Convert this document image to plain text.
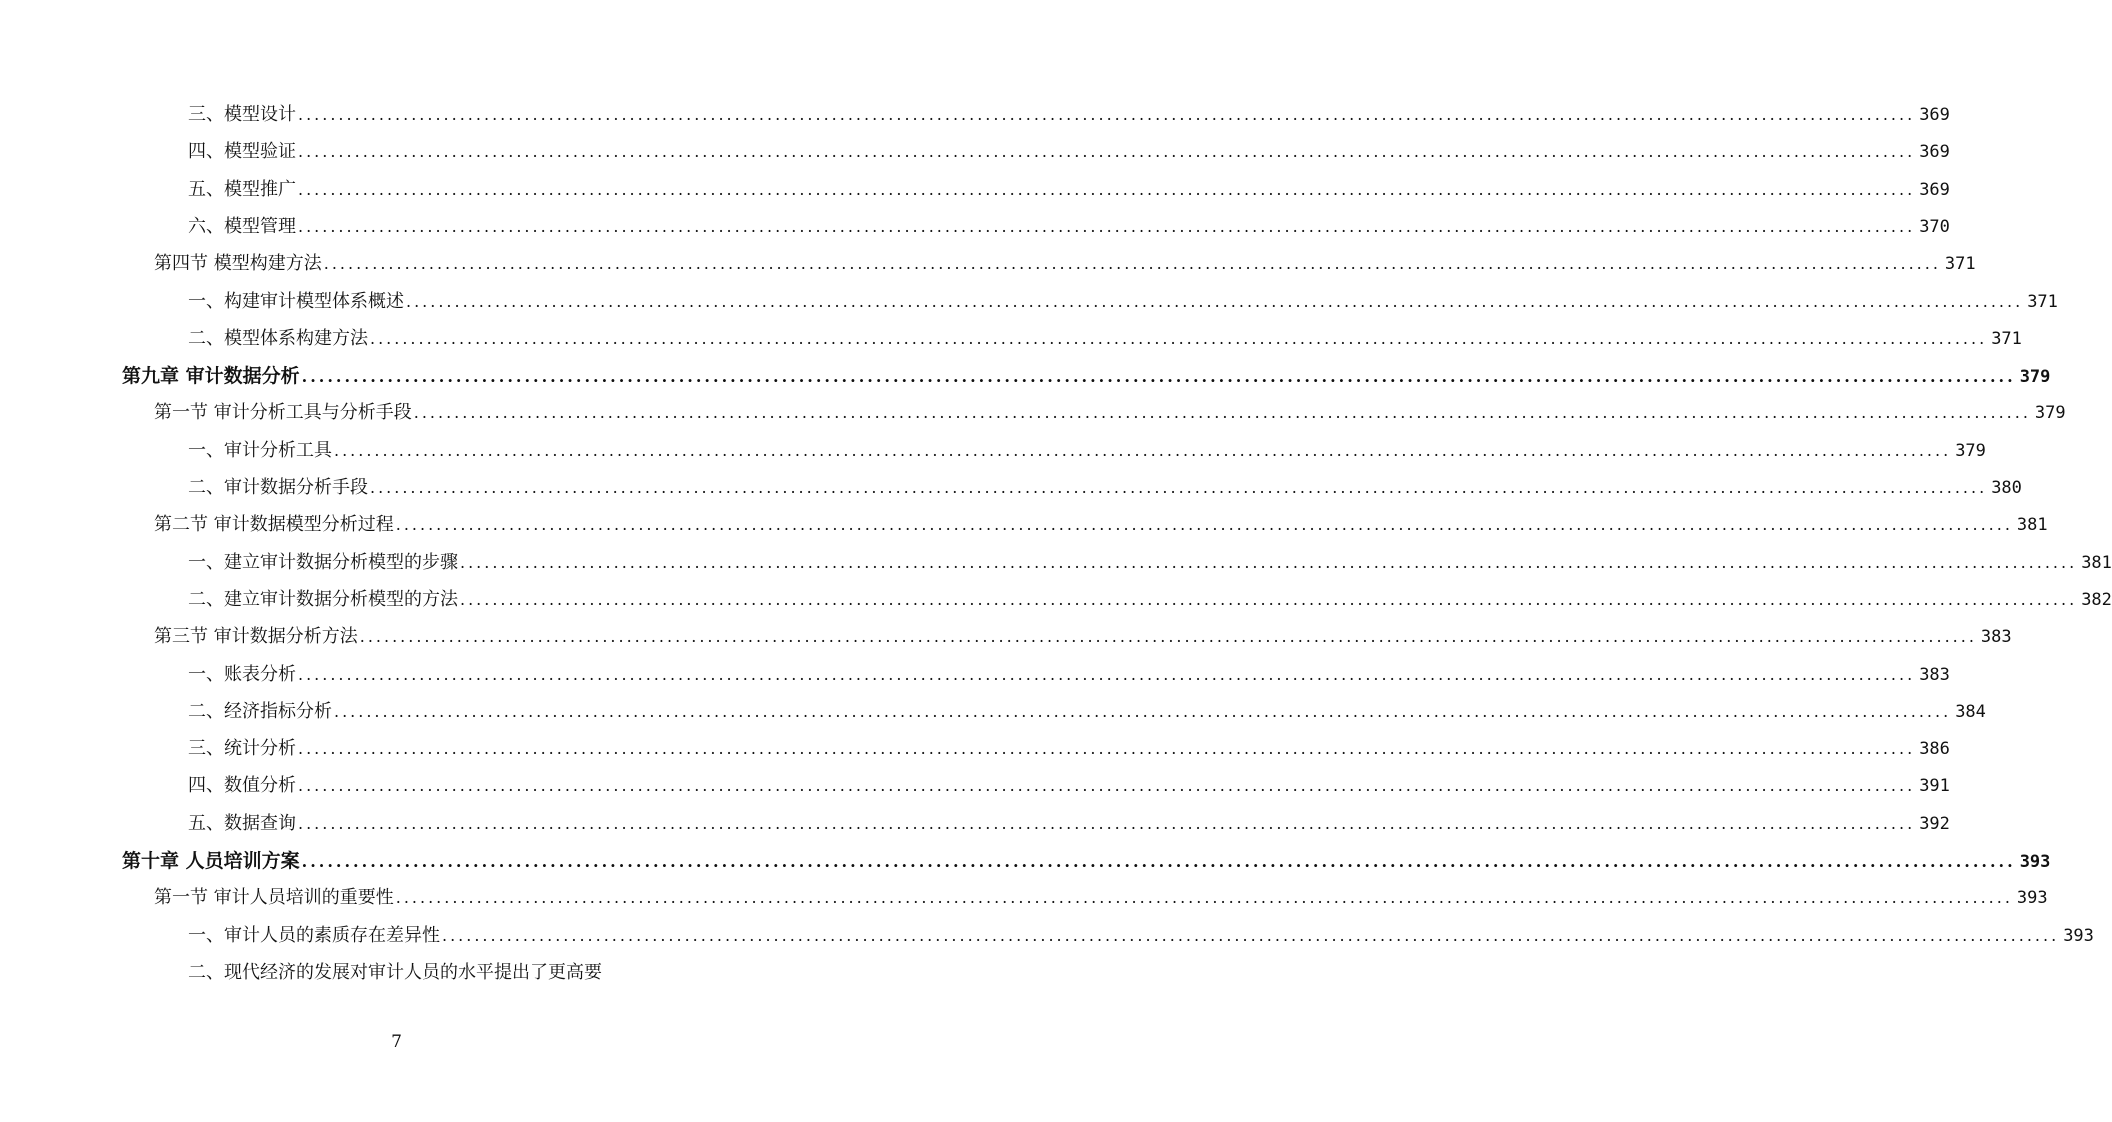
三、模型设计 ........................................................................................................................................................................................................ 369
四、模型验证 ........................................................................................................................................................................................................ 369
五、模型推广 ........................................................................................................................................................................................................ 369
六、模型管理 ........................................................................................................................................................................................................ 370
第四节 模型构建方法 ........................................................................................................................................................................................................ 371
一、构建审计模型体系概述 ........................................................................................................................................................................................................ 371
二、模型体系构建方法 ........................................................................................................................................................................................................ 371
第九章 审计数据分析 ........................................................................................................................................................................................................ 379
第一节 审计分析工具与分析手段 ........................................................................................................................................................................................................ 379
一、审计分析工具 ........................................................................................................................................................................................................ 379
二、审计数据分析手段 ........................................................................................................................................................................................................ 380
第二节 审计数据模型分析过程 ........................................................................................................................................................................................................ 381
一、建立审计数据分析模型的步骤 ........................................................................................................................................................................................................ 381
二、建立审计数据分析模型的方法 ........................................................................................................................................................................................................ 382
第三节 审计数据分析方法 ........................................................................................................................................................................................................ 383
一、账表分析 ........................................................................................................................................................................................................ 383
二、经济指标分析 ........................................................................................................................................................................................................ 384
三、统计分析 ........................................................................................................................................................................................................ 386
四、数值分析 ........................................................................................................................................................................................................ 391
五、数据查询 ........................................................................................................................................................................................................ 392
第十章 人员培训方案 ........................................................................................................................................................................................................ 393
第一节 审计人员培训的重要性 ........................................................................................................................................................................................................ 393
一、审计人员的素质存在差异性 ........................................................................................................................................................................................................ 393
二、现代经济的发展对审计人员的水平提出了更高要
7
